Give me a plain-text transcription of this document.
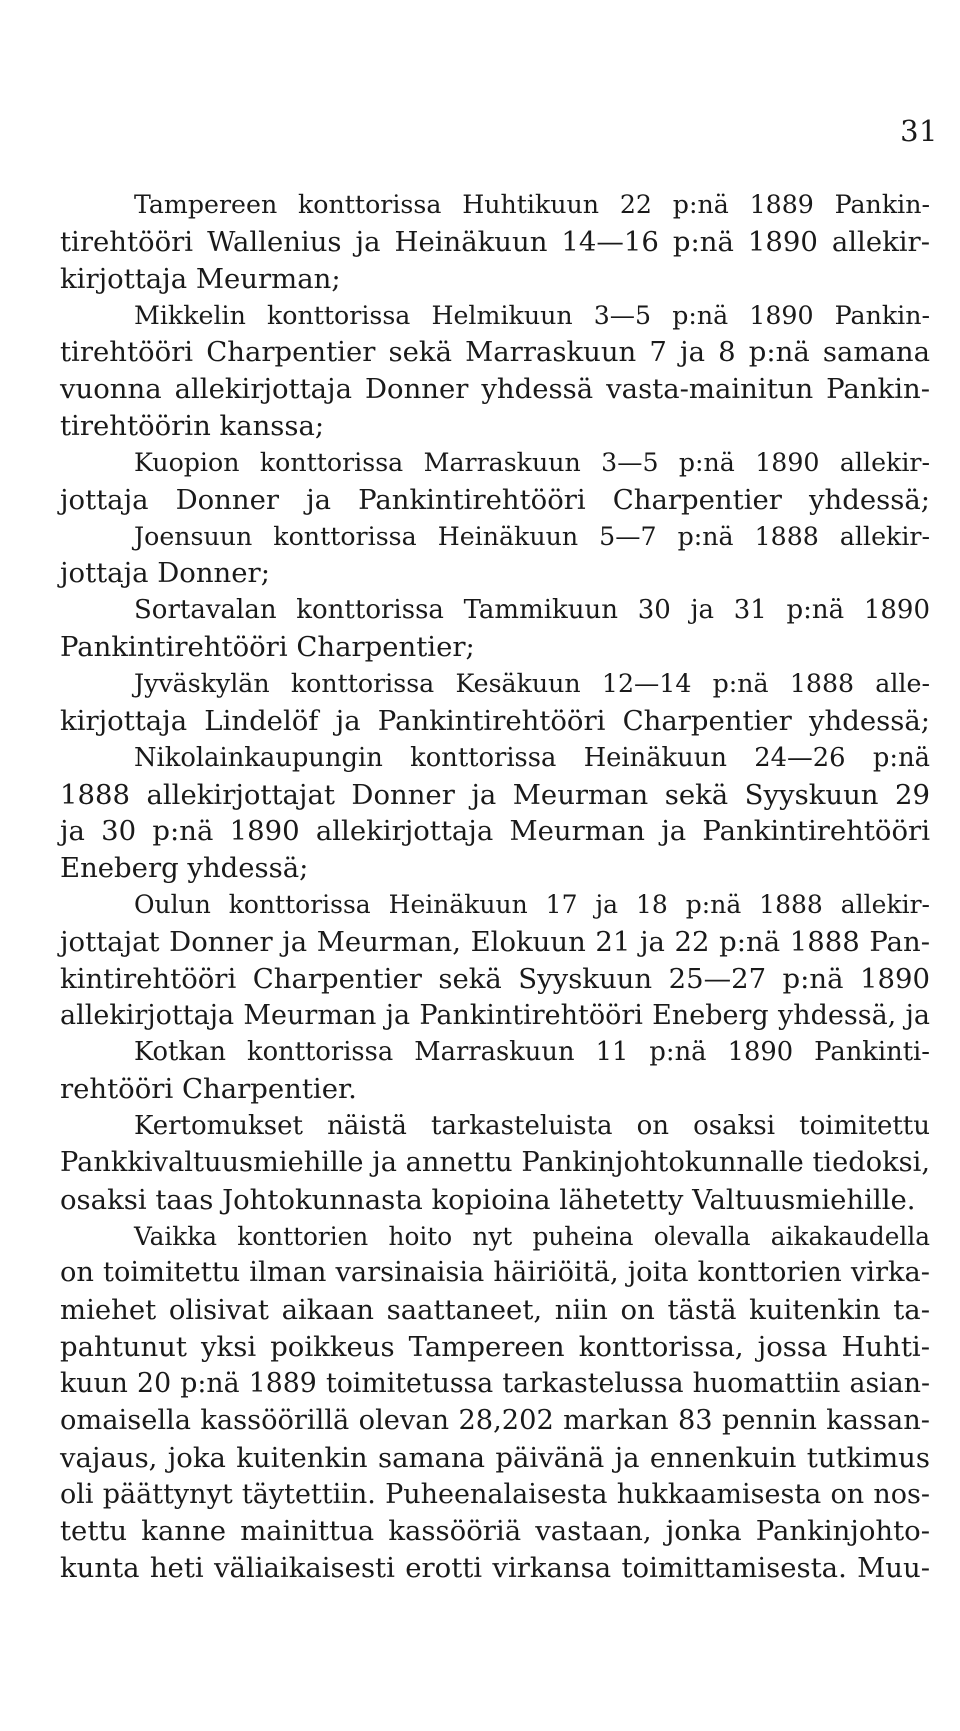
31
Tampereen konttorissa Huhtikuun 22 p:nä 1889 Pankin-
tirehtööri Wallenius ja Heinäkuun 14—16 p:nä 1890 allekir-
kirjottaja Meurman;
Mikkelin konttorissa Helmikuun 3—5 p:nä 1890 Pankin-
tirehtööri Charpentier sekä Marraskuun 7 ja 8 p:nä samana
vuonna allekirjottaja Donner yhdessä vasta-mainitun Pankin-
tirehtöörin kanssa;
Kuopion konttorissa Marraskuun 3—5 p:nä 1890 allekir-
jottaja Donner ja Pankintirehtööri Charpentier yhdessä;
Joensuun konttorissa Heinäkuun 5—7 p:nä 1888 allekir-
jottaja Donner;
Sortavalan konttorissa Tammikuun 30 ja 31 p:nä 1890
Pankintirehtööri Charpentier;
Jyväskylän konttorissa Kesäkuun 12—14 p:nä 1888 alle-
kirjottaja Lindelöf ja Pankintirehtööri Charpentier yhdessä;
Nikolainkaupungin konttorissa Heinäkuun 24—26 p:nä
1888 allekirjottajat Donner ja Meurman sekä Syyskuun 29
ja 30 p:nä 1890 allekirjottaja Meurman ja Pankintirehtööri
Eneberg yhdessä;
Oulun konttorissa Heinäkuun 17 ja 18 p:nä 1888 allekir-
jottajat Donner ja Meurman, Elokuun 21 ja 22 p:nä 1888 Pan-
kintirehtööri Charpentier sekä Syyskuun 25—27 p:nä 1890
allekirjottaja Meurman ja Pankintirehtööri Eneberg yhdessä, ja
Kotkan konttorissa Marraskuun 11 p:nä 1890 Pankinti-
rehtööri Charpentier.
Kertomukset näistä tarkasteluista on osaksi toimitettu
Pankkivaltuusmiehille ja annettu Pankinjohtokunnalle tiedoksi,
osaksi taas Johtokunnasta kopioina lähetetty Valtuusmiehille.
Vaikka konttorien hoito nyt puheina olevalla aikakaudella
on toimitettu ilman varsinaisia häiriöitä, joita konttorien virka-
miehet olisivat aikaan saattaneet, niin on tästä kuitenkin ta-
pahtunut yksi poikkeus Tampereen konttorissa, jossa Huhti-
kuun 20 p:nä 1889 toimitetussa tarkastelussa huomattiin asian-
omaisella kassöörillä olevan 28,202 markan 83 pennin kassan-
vajaus, joka kuitenkin samana päivänä ja ennenkuin tutkimus
oli päättynyt täytettiin. Puheenalaisesta hukkaamisesta on nos-
tettu kanne mainittua kassööriä vastaan, jonka Pankinjohto-
kunta heti väliaikaisesti erotti virkansa toimittamisesta. Muu-
